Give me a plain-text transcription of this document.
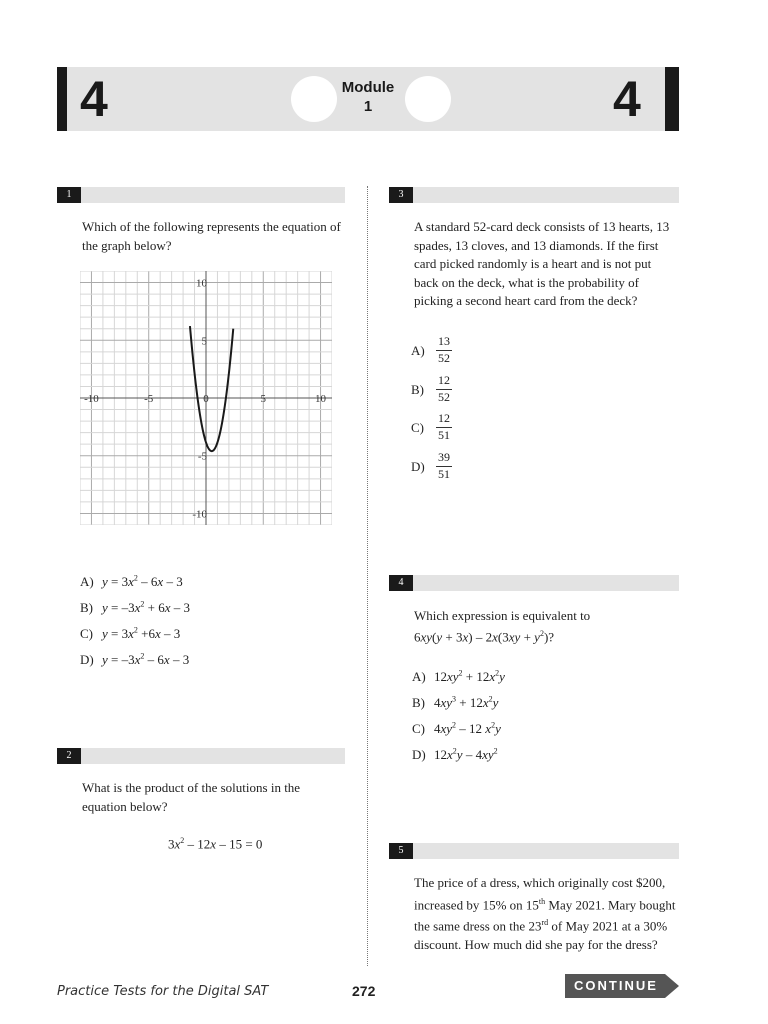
4	4
Module
1
1
Which of the following represents the equation of the graph below?
-10	-5	0	5	10
10
5
-5
-10
A) $y = 3x^2 - 6x - 3$
B) $y = -3x^2 + 6x - 3$
C) $y = 3x^2 +6x - 3$
D) $y = -3x^2 - 6x - 3$
2
What is the product of the solutions in the equation below?
$3x^2 - 12x - 15 = 0$
3
A standard 52-card deck consists of 13 hearts, 13 spades, 13 cloves, and 13 diamonds. If the first card picked randomly is a heart and is not put back on the deck, what is the probability of picking a second heart card from the deck?
$A) \frac{13}{52}$
$B) \frac{12}{52}$
$C) \frac{12}{51}$
$D) \frac{39}{51}$
4
Which expression is equivalent to
$6xy(y + 3x) - 2x(3xy + y^2)$?
A) $12xy^2 + 12x^2y$
B) $4xy^3 + 12x^2y$
C) $4xy^2 - 12$ $x^2y$
D) $12x^2y - 4xy^2$
5
The price of a dress, which originally cost $200, increased by 15% on 15th May 2021. Mary bought the same dress on the 23rd of May 2021 at a 30% discount. How much did she pay for the dress?
Practice Tests for the Digital SAT	272	CONTINUE
